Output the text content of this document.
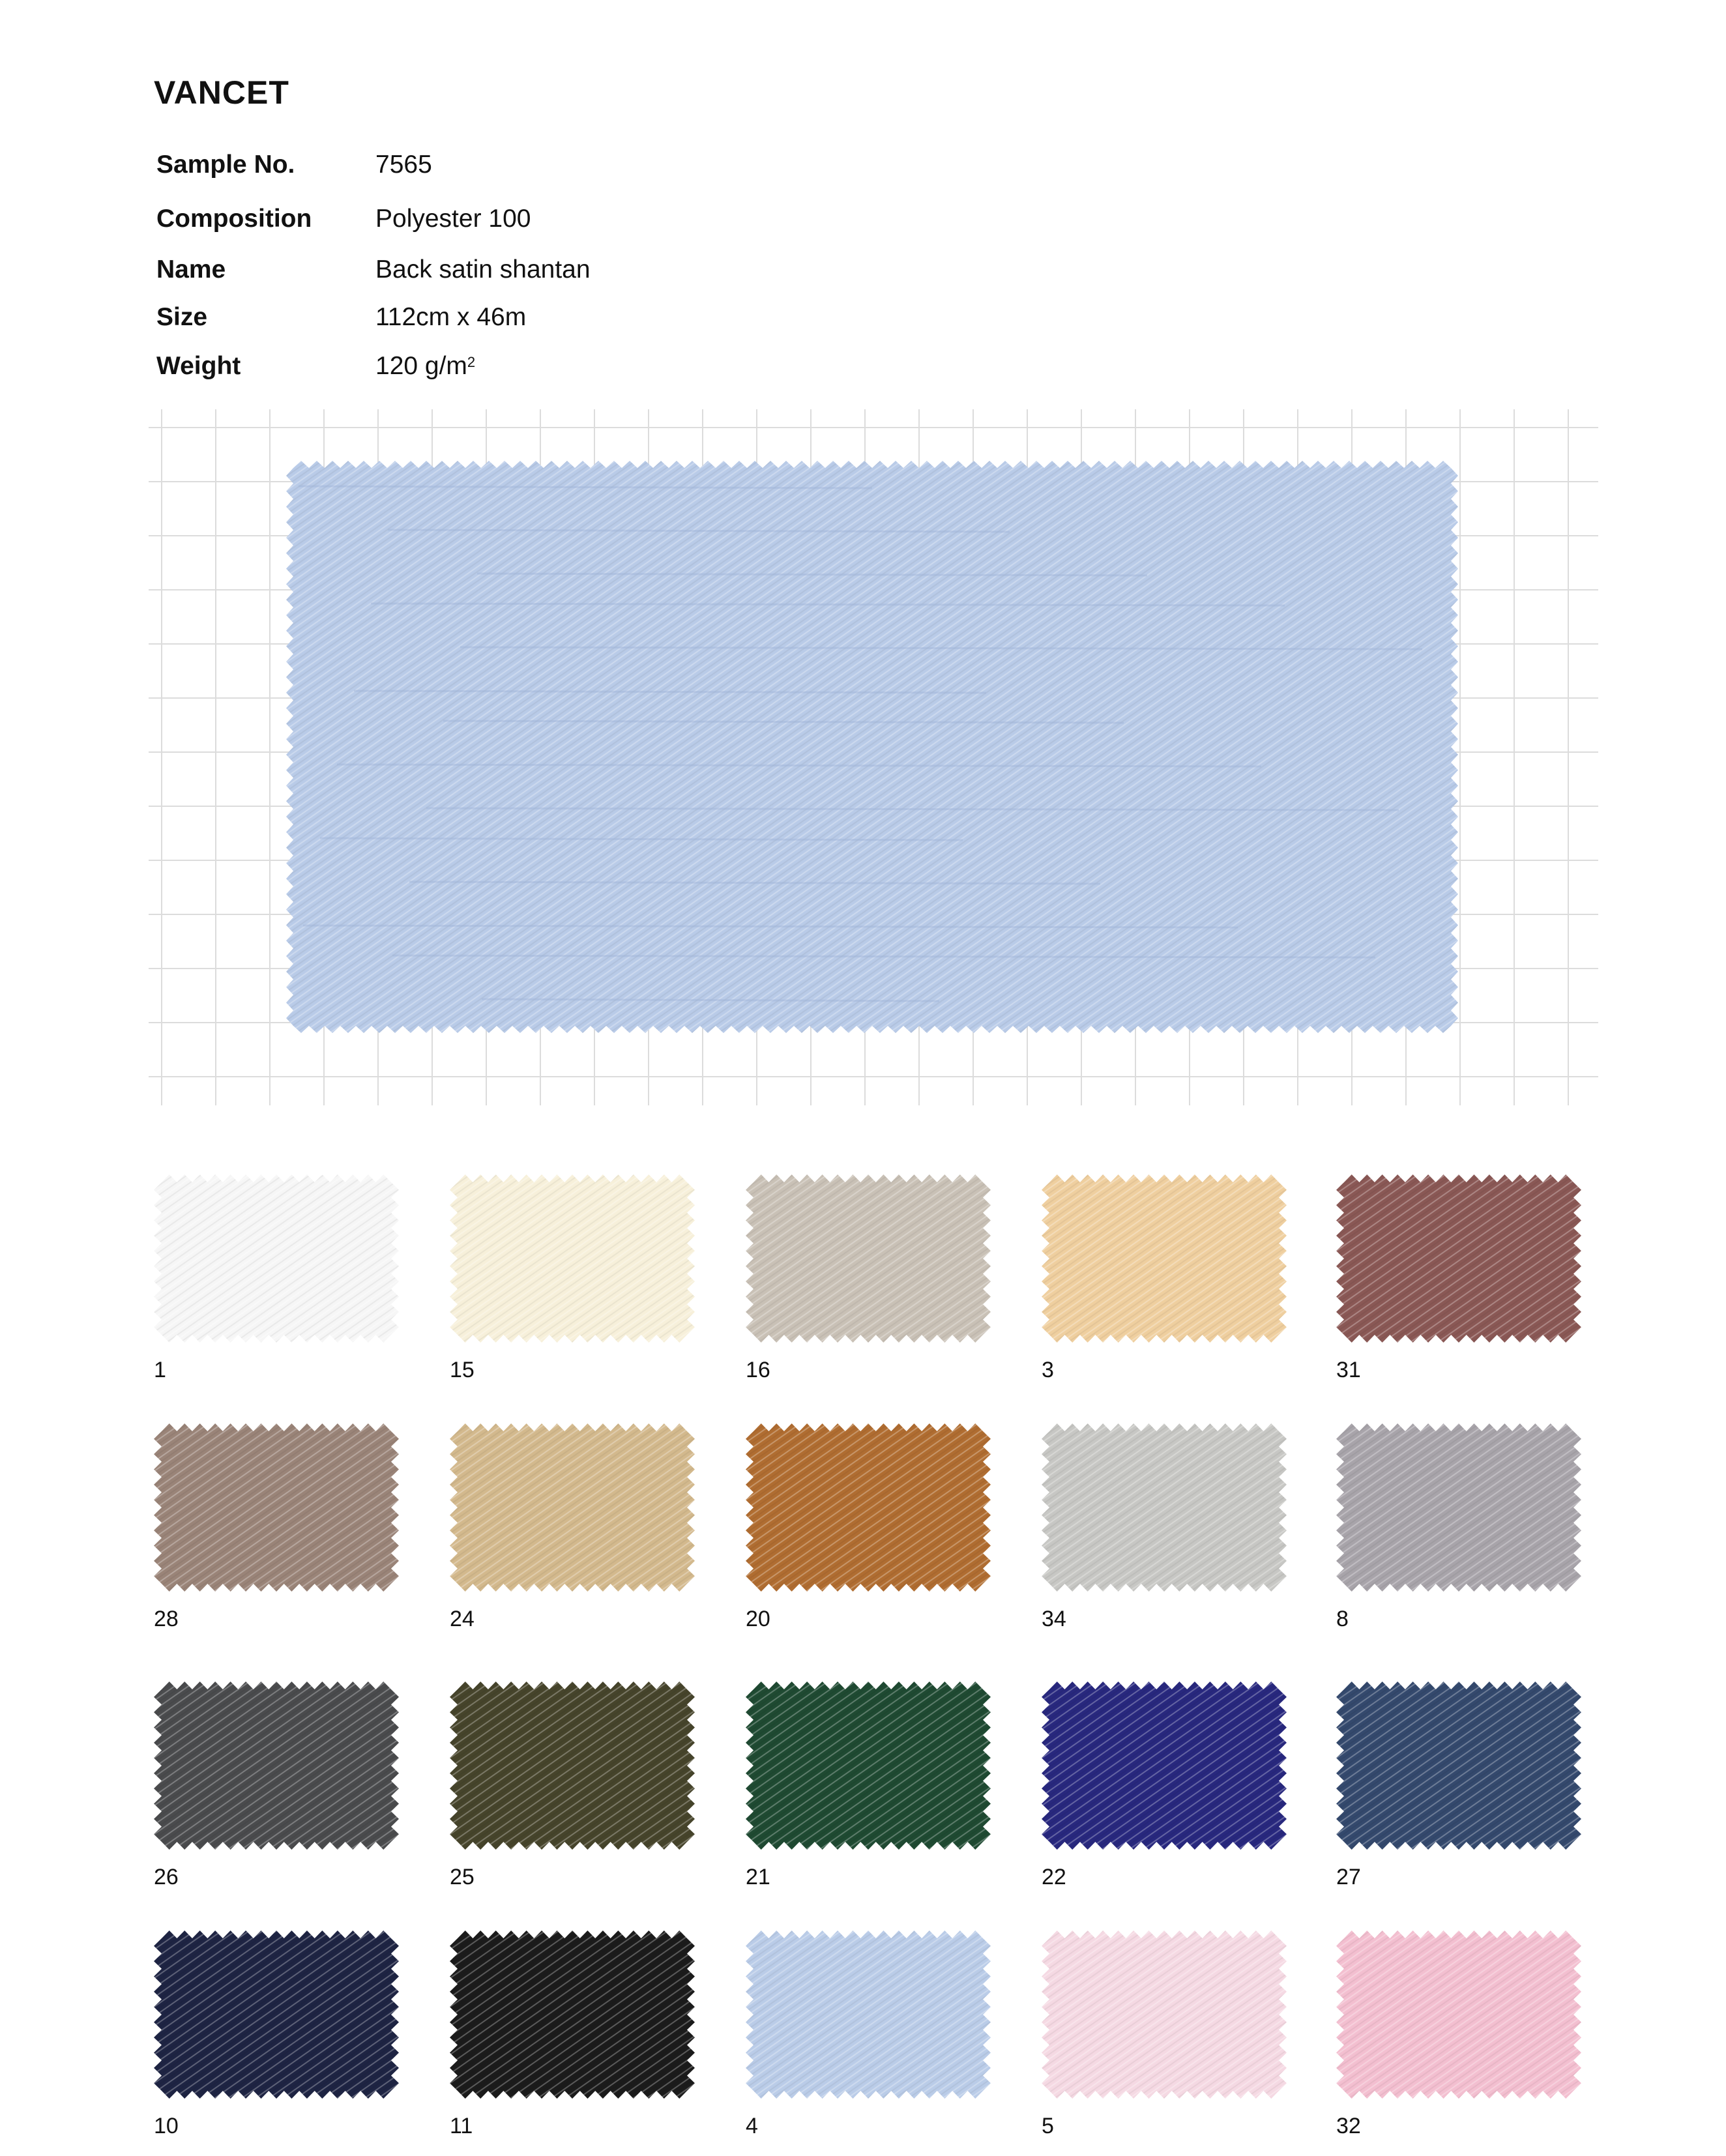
VANCET
Sample No.	7565
Composition	Polyester 100
Name	Back satin shantan
Size	112cm x 46m
Weight	120 $g/m^2$
1	15	16	3	31
28	24	20	34	8
26	25	21	22	27
10	11	4	5	32
